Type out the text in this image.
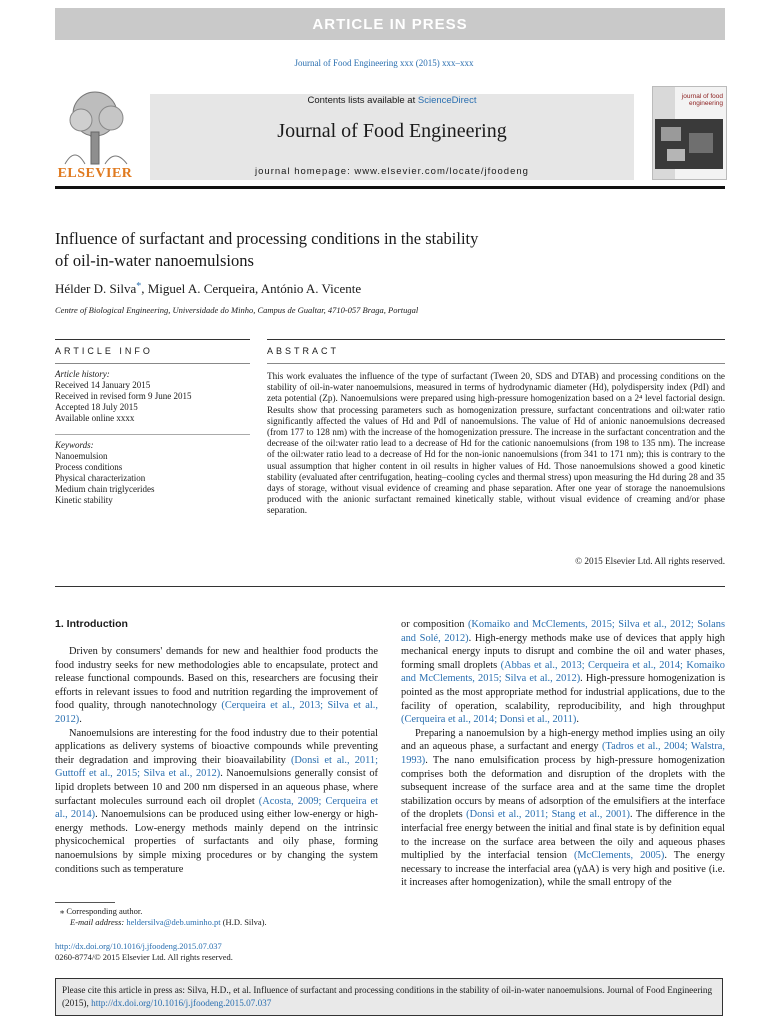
ARTICLE IN PRESS
Journal of Food Engineering xxx (2015) xxx–xxx
ELSEVIER
Contents lists available at ScienceDirect
Journal of Food Engineering
journal homepage: www.elsevier.com/locate/jfoodeng
journal of food engineering
Influence of surfactant and processing conditions in the stability
of oil-in-water nanoemulsions
Hélder D. Silva*, Miguel A. Cerqueira, António A. Vicente
Centre of Biological Engineering, Universidade do Minho, Campus de Gualtar, 4710-057 Braga, Portugal
ARTICLE INFO	ABSTRACT
Article history:
Received 14 January 2015
Received in revised form 9 June 2015
Accepted 18 July 2015
Available online xxxx
Keywords:
Nanoemulsion
Process conditions
Physical characterization
Medium chain triglycerides
Kinetic stability
This work evaluates the influence of the type of surfactant (Tween 20, SDS and DTAB) and processing conditions on the stability of oil-in-water nanoemulsions, measured in terms of hydrodynamic diameter (Hd), polydispersity index (PdI) and zeta potential (Zp). Nanoemulsions were prepared using high-pressure homogenization based on a 2⁴ level factorial design. Results show that processing parameters such as homogenization pressure, surfactant concentrations and oil:water ratio significantly affected the values of Hd and PdI of nanoemulsions. The value of Hd of anionic nanoemulsions decreased (from 177 to 128 nm) with the increase of the homogenization pressure. The increase in the surfactant concentration and the decrease of the oil:water ratio lead to a decrease of Hd for the cationic nanoemulsions (from 198 to 135 nm). The increase of the oil:water ratio lead to a decrease of Hd for the non-ionic nanoemulsions (from 341 to 171 nm); this is contrary to the usual assumption that higher content in oil results in higher values of Hd. Those nanoemulsions showed a good kinetic stability (evaluated after centrifugation, heating–cooling cycles and thermal stress) upon measuring the Hd during 28 and 35 days of storage, without visual evidence of creaming and phase separation. After one year of storage the nanoemulsions produced with the anionic surfactant remained kinetically stable, without visual evidence of creaming and/or phase separation.
© 2015 Elsevier Ltd. All rights reserved.
1. Introduction

Driven by consumers' demands for new and healthier food products the food industry seeks for new methodologies able to encapsulate, protect and release functional compounds. Based on this, researchers are focusing their efforts in relevant issues to food and nutrition regarding the improvement of food quality, through nanotechnology (Cerqueira et al., 2013; Silva et al., 2012).

Nanoemulsions are interesting for the food industry due to their potential applications as delivery systems of bioactive compounds while preventing their degradation and improving their bioavailability (Donsì et al., 2011; Guttoff et al., 2015; Silva et al., 2012). Nanoemulsions generally consist of lipid droplets between 10 and 200 nm dispersed in an aqueous phase, where surfactant molecules surround each oil droplet (Acosta, 2009; Cerqueira et al., 2014). Nanoemulsions can be produced using either low-energy or high-energy methods. Low-energy methods mainly depend on the intrinsic physicochemical properties of surfactants and oily phase, forming nanoemulsions by simple mixing procedures or by changing the system conditions such as temperature

or composition (Komaiko and McClements, 2015; Silva et al., 2012; Solans and Solé, 2012). High-energy methods make use of devices that apply high mechanical energy inputs to disrupt and combine the oil and water phases, forming small droplets (Abbas et al., 2013; Cerqueira et al., 2014; Komaiko and McClements, 2015; Silva et al., 2012). High-pressure homogenization is pointed as the most appropriate method for industrial applications, due to the facility of operation, scalability, reproducibility, and high throughput (Cerqueira et al., 2014; Donsì et al., 2011).

Preparing a nanoemulsion by a high-energy method implies using an oily and an aqueous phase, a surfactant and energy (Tadros et al., 2004; Walstra, 1993). The nano emulsification process by high-pressure homogenization comprises both the deformation and disruption of the droplets with the subsequent increase of the surface area and at the same time the droplet stabilization occurs by means of adsorption of the emulsifiers at the interface of the droplets (Donsì et al., 2011; Stang et al., 2001). The difference in the interfacial free energy between the initial and final state is by definition equal to the increase on the surface area between the oily and aqueous phases multiplied by the interfacial tension (McClements, 2005). The energy necessary to increase the interfacial area (γΔA) is very high and positive (i.e. it increases after homogenization), while the small entropy of the

⁎ Corresponding author.
E-mail address: heldersilva@deb.uminho.pt (H.D. Silva).
http://dx.doi.org/10.1016/j.jfoodeng.2015.07.037
0260-8774/© 2015 Elsevier Ltd. All rights reserved.
Please cite this article in press as: Silva, H.D., et al. Influence of surfactant and processing conditions in the stability of oil-in-water nanoemulsions. Journal of Food Engineering (2015), http://dx.doi.org/10.1016/j.jfoodeng.2015.07.037
